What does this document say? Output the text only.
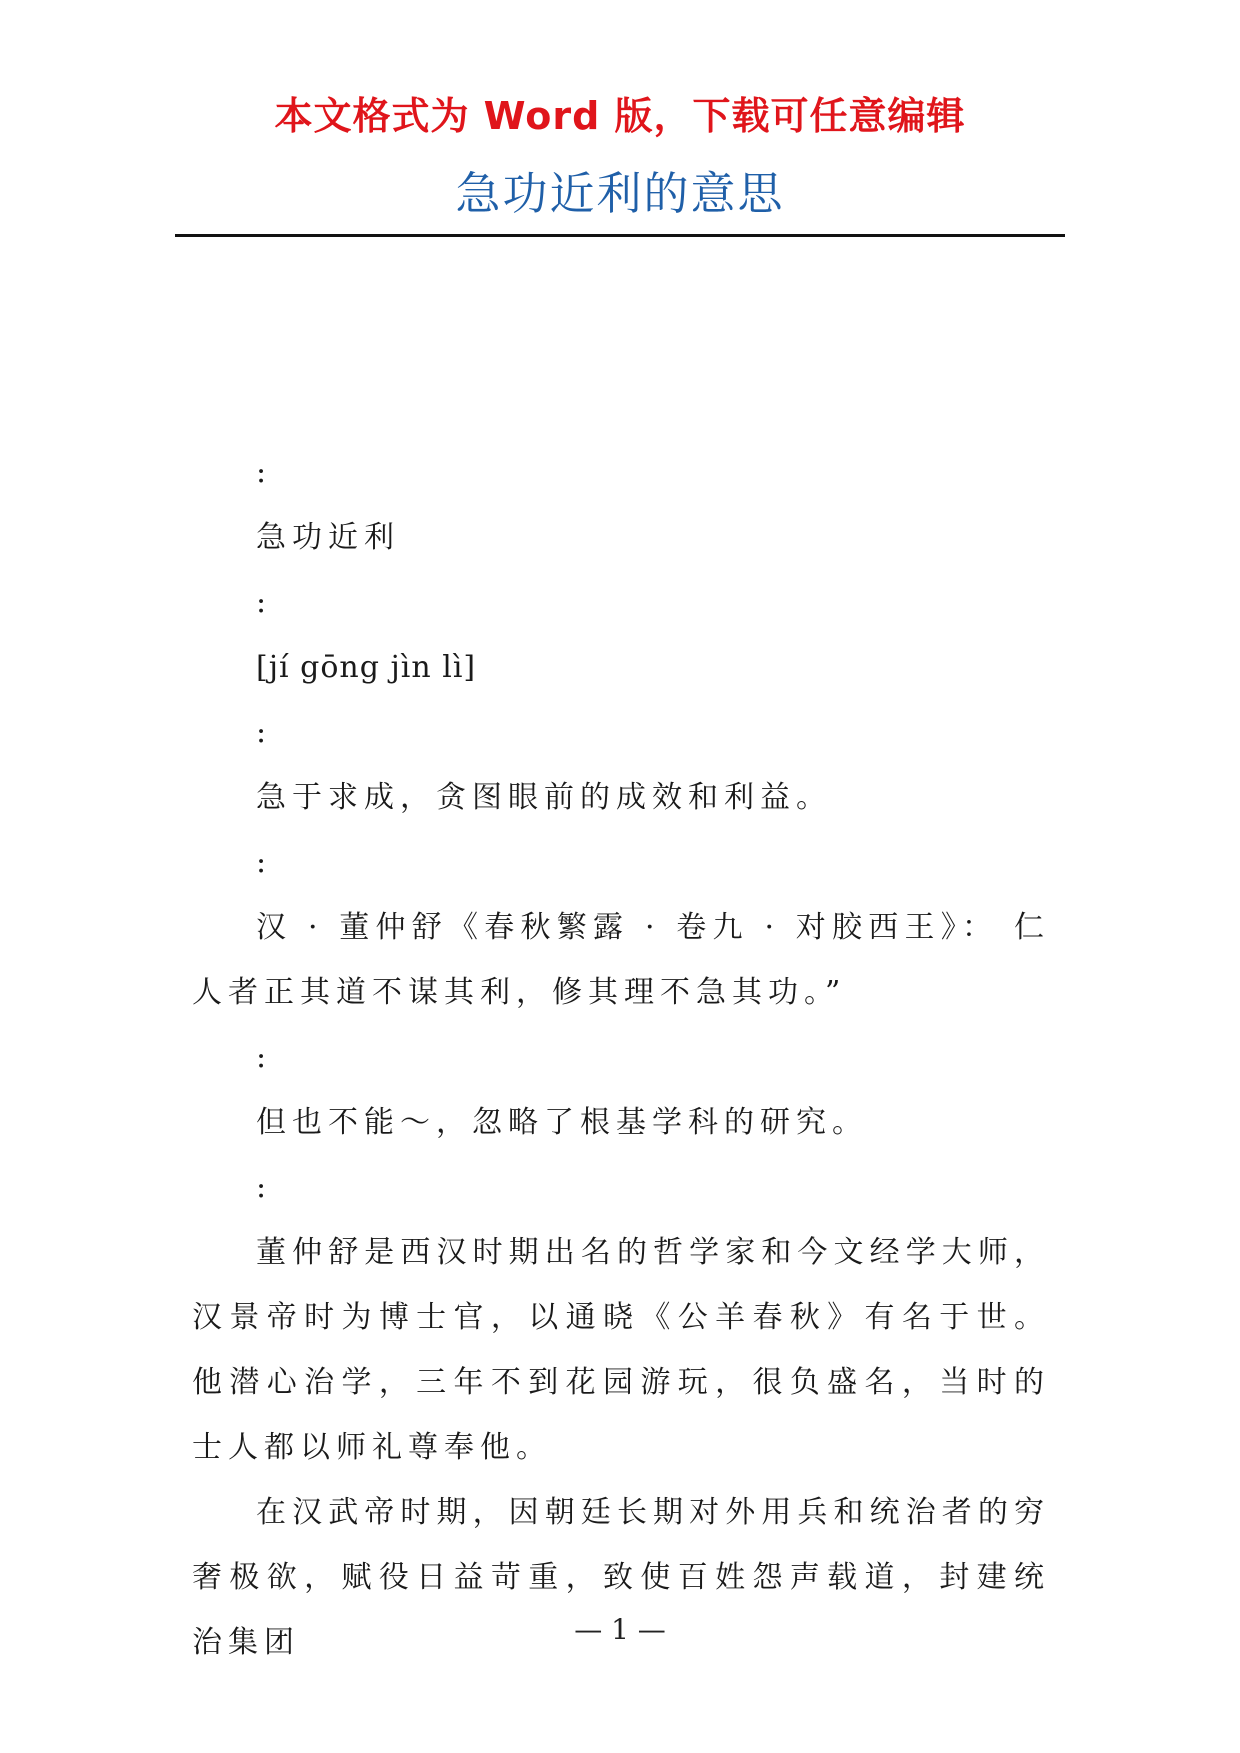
本文格式为 Word 版，下载可任意编辑
急功近利的意思

:

急功近利

:

[jí gōng jìn lì]

:

急于求成，贪图眼前的成效和利益。

:

汉 · 董仲舒《春秋繁露 · 卷九 · 对胶西王》： 仁人者正其道不谋其利，修其理不急其功。”

:

但也不能～，忽略了根基学科的研究。

:

董仲舒是西汉时期出名的哲学家和今文经学大师，汉景帝时为博士官，以通晓《公羊春秋》有名于世。他潜心治学，三年不到花园游玩，很负盛名，当时的士人都以师礼尊奉他。

在汉武帝时期，因朝廷长期对外用兵和统治者的穷奢极欲，赋役日益苛重，致使百姓怨声载道，封建统治集团	— 1 —
